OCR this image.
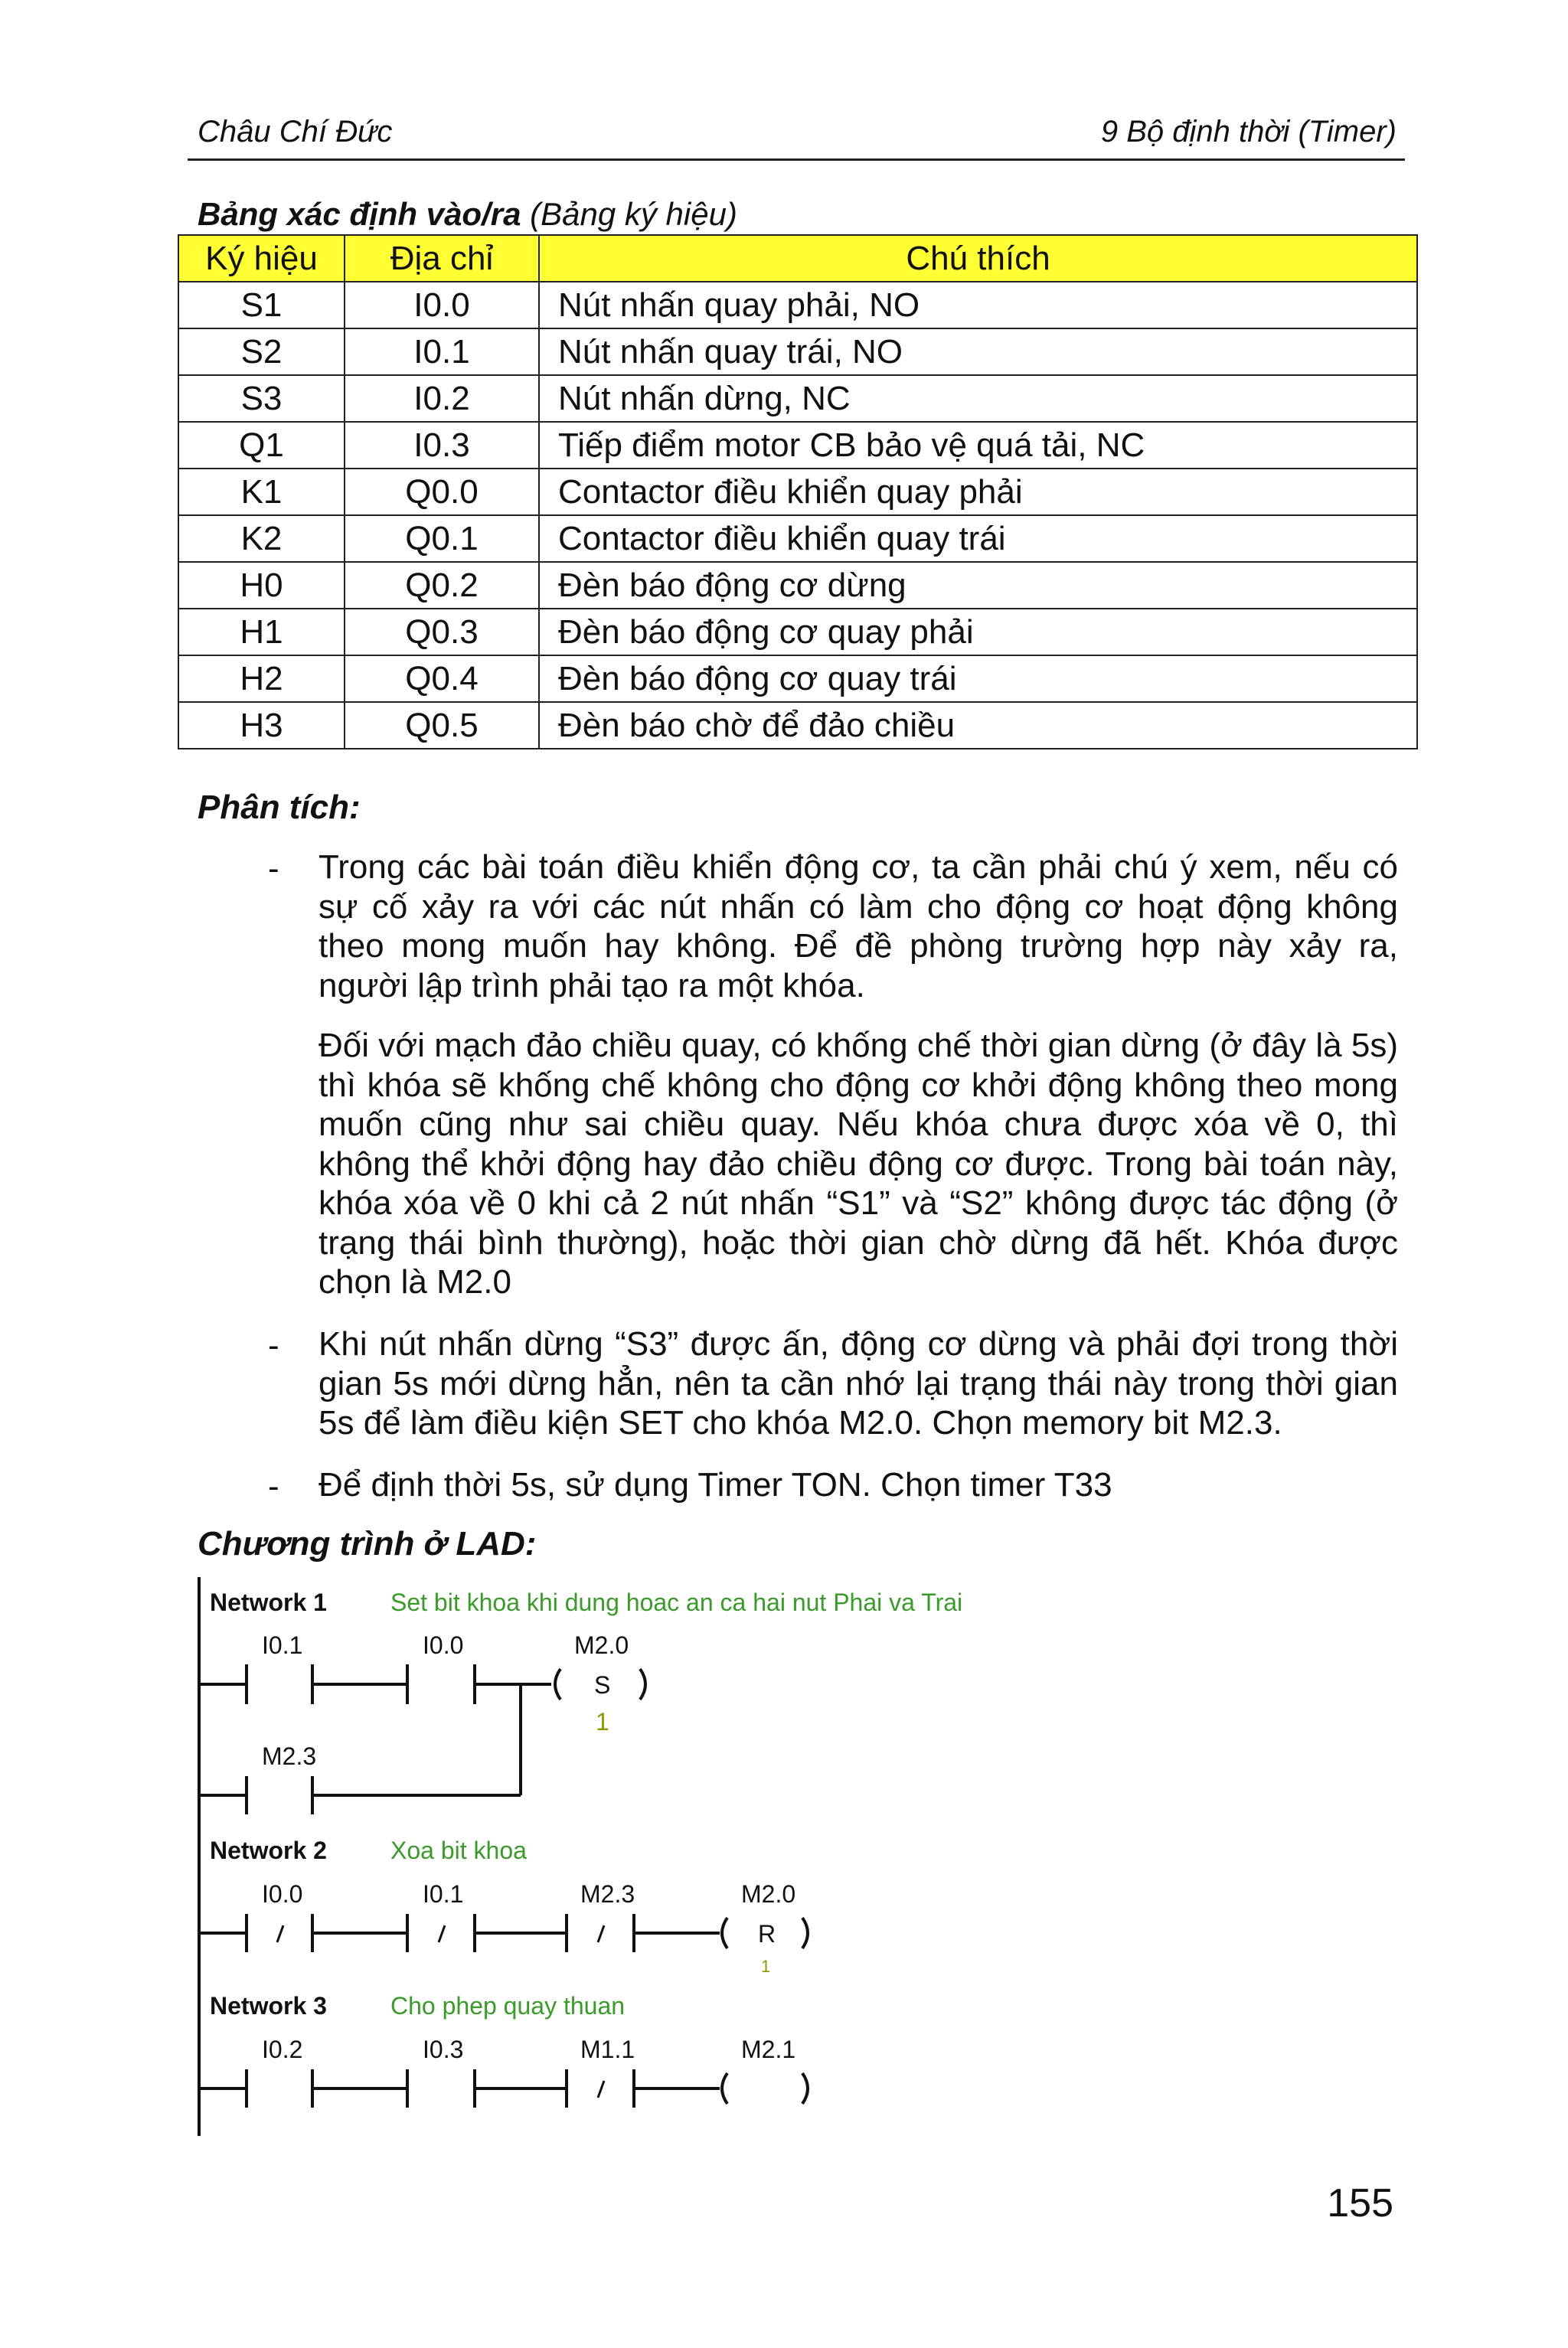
Châu Chí Đức	9 Bộ định thời (Timer)
Bảng xác định vào/ra (Bảng ký hiệu)
Ký hiệu	Địa chỉ	Chú thích
S1	I0.0	Nút nhấn quay phải, NO
S2	I0.1	Nút nhấn quay trái, NO
S3	I0.2	Nút nhấn dừng, NC
Q1	I0.3	Tiếp điểm motor CB bảo vệ quá tải, NC
K1	Q0.0	Contactor điều khiển quay phải
K2	Q0.1	Contactor điều khiển quay trái
H0	Q0.2	Đèn báo động cơ dừng
H1	Q0.3	Đèn báo động cơ quay phải
H2	Q0.4	Đèn báo động cơ quay trái
H3	Q0.5	Đèn báo chờ để đảo chiều
Phân tích:
- Trong các bài toán điều khiển động cơ, ta cần phải chú ý xem, nếu có sự cố xảy ra với các nút nhấn có làm cho động cơ hoạt động không theo mong muốn hay không. Để đề phòng trường hợp này xảy ra, người lập trình phải tạo ra một khóa.
Đối với mạch đảo chiều quay, có khống chế thời gian dừng (ở đây là 5s) thì khóa sẽ khống chế không cho động cơ khởi động không theo mong muốn cũng như sai chiều quay. Nếu khóa chưa được xóa về 0, thì không thể khởi động hay đảo chiều động cơ được. Trong bài toán này, khóa xóa về 0 khi cả 2 nút nhấn “S1” và “S2” không được tác động (ở trạng thái bình thường), hoặc thời gian chờ dừng đã hết. Khóa được chọn là M2.0
- Khi nút nhấn dừng “S3” được ấn, động cơ dừng và phải đợi trong thời gian 5s mới dừng hẳn, nên ta cần nhớ lại trạng thái này trong thời gian 5s để làm điều kiện SET cho khóa M2.0. Chọn memory bit M2.3.
- Để định thời 5s, sử dụng Timer TON. Chọn timer T33
Chương trình ở LAD:
Network 1	Set bit khoa khi dung hoac an ca hai nut Phai va Trai
Network 2	Xoa bit khoa
Network 3	Cho phep quay thuan
I0.1	I0.0
M2.3
M2.0
S
1
I0.0	I0.1	M2.3	M2.0
R
1
I0.2	I0.3	M1.1	M2.1
155
